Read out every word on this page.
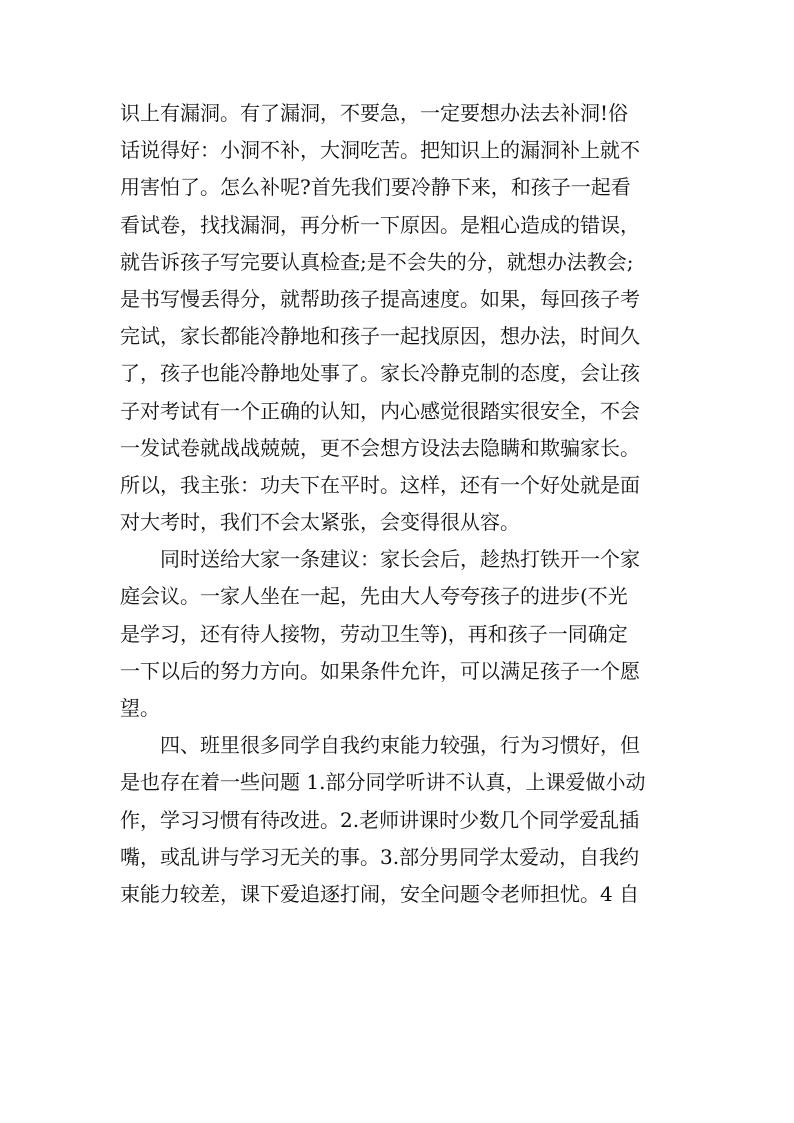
识上有漏洞。有了漏洞，不要急，一定要想办法去补洞!俗
话说得好：小洞不补，大洞吃苦。把知识上的漏洞补上就不
用害怕了。怎么补呢?首先我们要冷静下来，和孩子一起看
看试卷，找找漏洞，再分析一下原因。是粗心造成的错误，
就告诉孩子写完要认真检查;是不会失的分，就想办法教会;
是书写慢丢得分，就帮助孩子提高速度。如果，每回孩子考
完试，家长都能冷静地和孩子一起找原因，想办法，时间久
了，孩子也能冷静地处事了。家长冷静克制的态度，会让孩
子对考试有一个正确的认知，内心感觉很踏实很安全，不会
一发试卷就战战兢兢，更不会想方设法去隐瞒和欺骗家长。
所以，我主张：功夫下在平时。这样，还有一个好处就是面
对大考时，我们不会太紧张，会变得很从容。
　　同时送给大家一条建议：家长会后，趁热打铁开一个家
庭会议。一家人坐在一起，先由大人夸夸孩子的进步(不光
是学习，还有待人接物，劳动卫生等)，再和孩子一同确定
一下以后的努力方向。如果条件允许，可以满足孩子一个愿
望。
　　四、班里很多同学自我约束能力较强，行为习惯好，但
是也存在着一些问题 1.部分同学听讲不认真，上课爱做小动
作，学习习惯有待改进。2.老师讲课时少数几个同学爱乱插
嘴，或乱讲与学习无关的事。3.部分男同学太爱动，自我约
束能力较差，课下爱追逐打闹，安全问题令老师担忧。4 自
